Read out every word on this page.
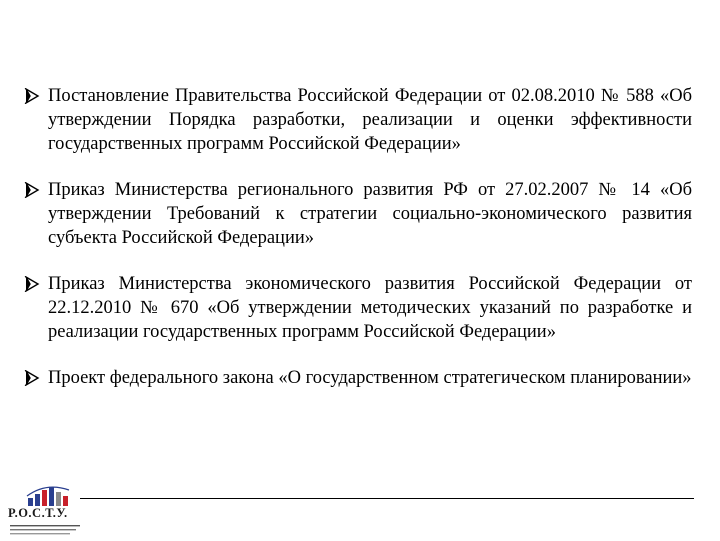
Постановление Правительства Российской Федерации от 02.08.2010 № 588 «Об утверждении Порядка разработки, реализации и оценки эффективности государственных программ Российской Федерации»
Приказ Министерства регионального развития РФ от 27.02.2007 № 14 «Об утверждении Требований к стратегии социально-экономического развития субъекта Российской Федерации»
Приказ Министерства экономического развития Российской Федерации от 22.12.2010 № 670 «Об утверждении методических указаний по разработке и реализации государственных программ Российской Федерации»
Проект федерального закона «О государственном стратегическом планировании»
Р.О.С.Т.У.
